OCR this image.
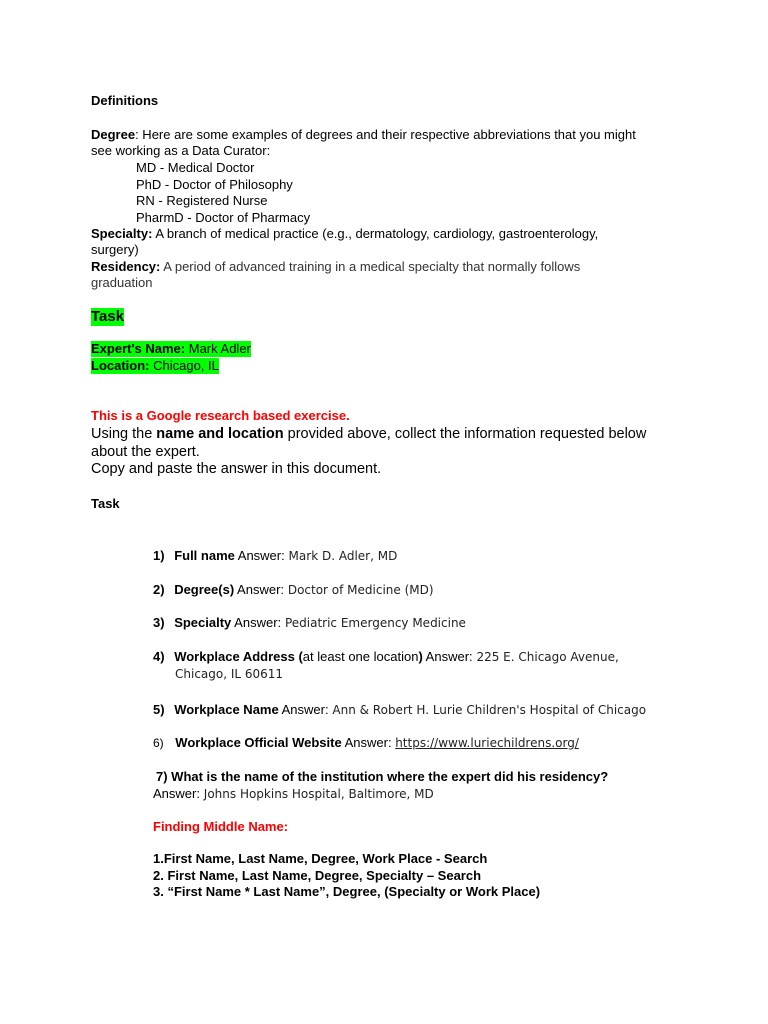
Definitions
Degree: Here are some examples of degrees and their respective abbreviations that you might
see working as a Data Curator:
MD - Medical Doctor
PhD - Doctor of Philosophy
RN - Registered Nurse
PharmD - Doctor of Pharmacy
Specialty: A branch of medical practice (e.g., dermatology, cardiology, gastroenterology,
surgery)
Residency: A period of advanced training in a medical specialty that normally follows
graduation
Task
Expert's Name: Mark Adler
Location: Chicago, IL
This is a Google research based exercise.
Using the name and location provided above, collect the information requested below
about the expert.
Copy and paste the answer in this document.
Task
1) Full name Answer: Mark D. Adler, MD
2) Degree(s) Answer: Doctor of Medicine (MD)
3) Specialty Answer: Pediatric Emergency Medicine
4) Workplace Address (at least one location) Answer: 225 E. Chicago Avenue,
Chicago, IL 60611
5) Workplace Name Answer: Ann & Robert H. Lurie Children's Hospital of Chicago
6) Workplace Official Website Answer: https://www.luriechildrens.org/
7) What is the name of the institution where the expert did his residency?
Answer: Johns Hopkins Hospital, Baltimore, MD
Finding Middle Name:
1.First Name, Last Name, Degree, Work Place - Search
2. First Name, Last Name, Degree, Specialty – Search
3. “First Name * Last Name”, Degree, (Specialty or Work Place)
